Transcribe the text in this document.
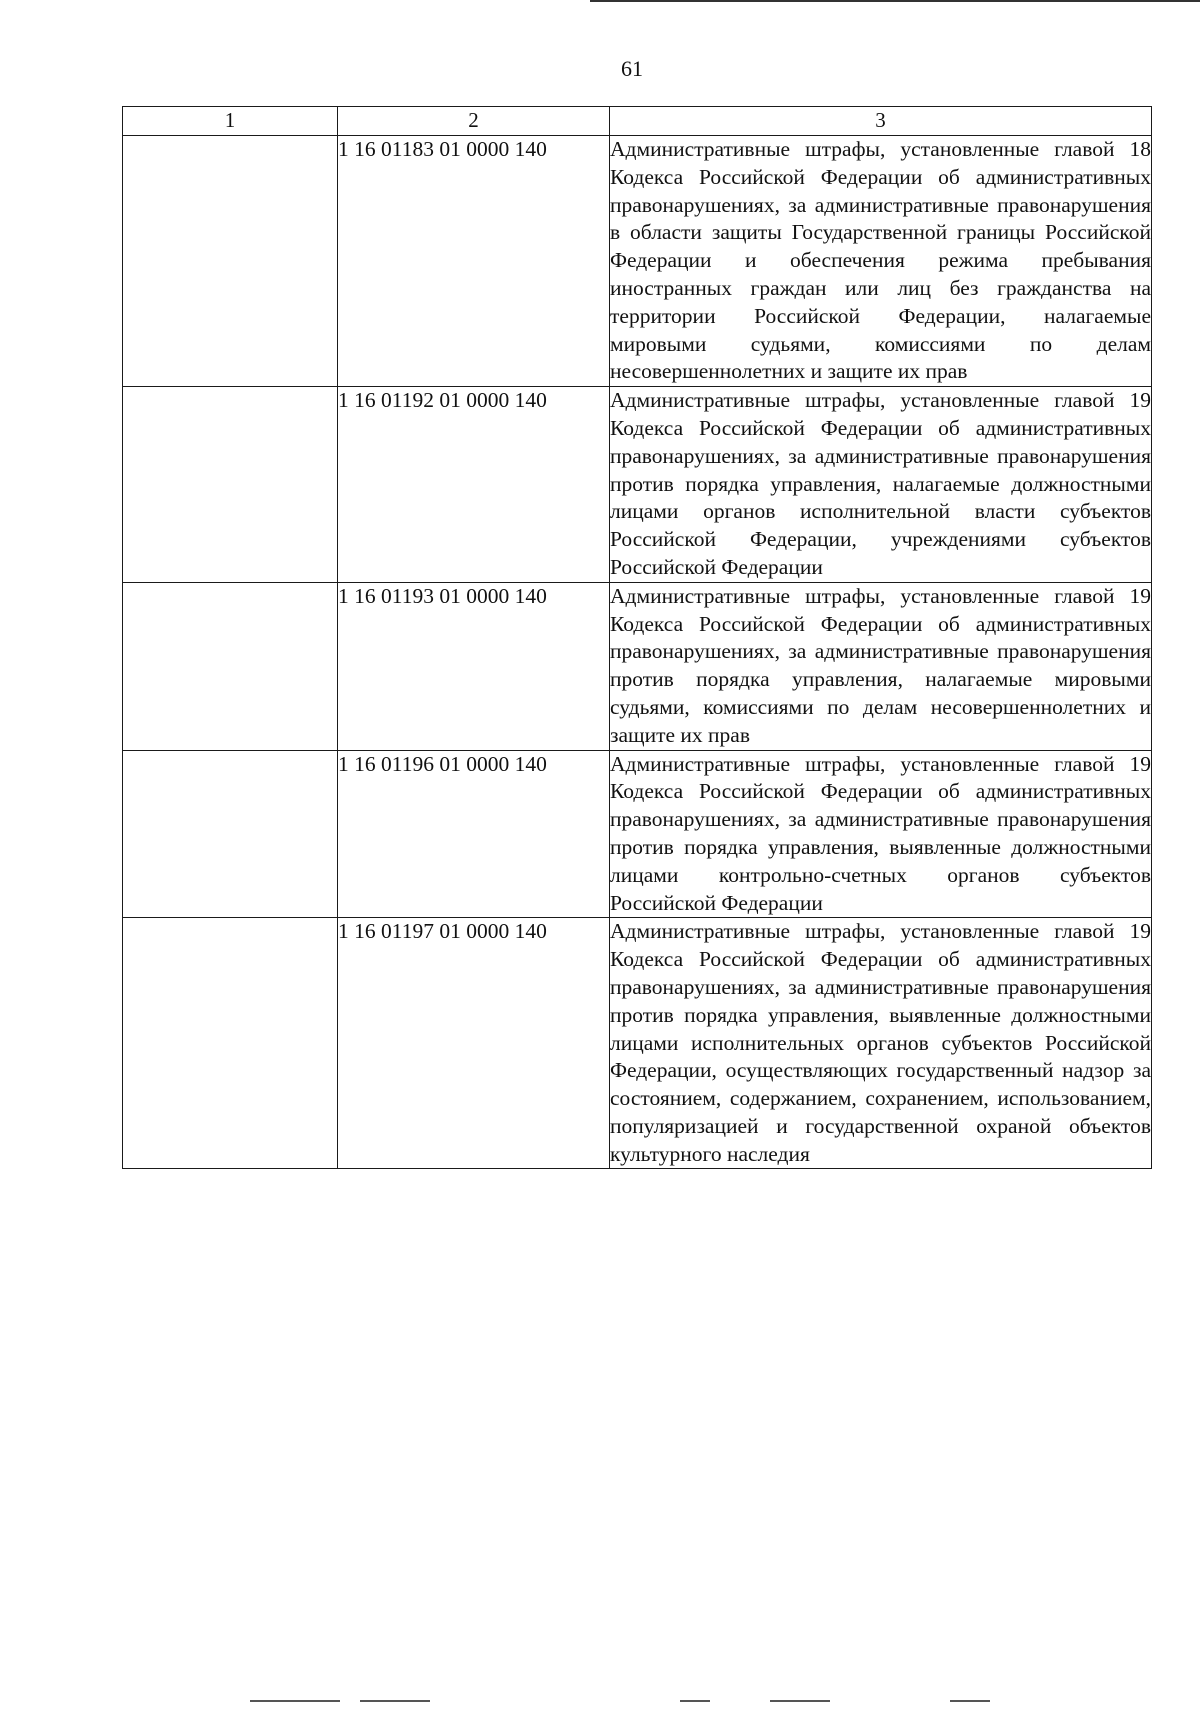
61
1	2	3
	1 16 01183 01 0000 140	Административные штрафы, установленные главой 18 Кодекса Российской Федерации об административных правонарушениях, за административные правонарушения в области защиты Государственной границы Российской Федерации и обеспечения режима пребывания иностранных граждан или лиц без гражданства на территории Российской Федерации, налагаемые мировыми судьями, комиссиями по делам несовершеннолетних и защите их прав
	1 16 01192 01 0000 140	Административные штрафы, установленные главой 19 Кодекса Российской Федерации об административных правонарушениях, за административные правонарушения против порядка управления, налагаемые должностными лицами органов исполнительной власти субъектов Российской Федерации, учреждениями субъектов Российской Федерации
	1 16 01193 01 0000 140	Административные штрафы, установленные главой 19 Кодекса Российской Федерации об административных правонарушениях, за административные правонарушения против порядка управления, налагаемые мировыми судьями, комиссиями по делам несовершеннолетних и защите их прав
	1 16 01196 01 0000 140	Административные штрафы, установленные главой 19 Кодекса Российской Федерации об административных правонарушениях, за административные правонарушения против порядка управления, выявленные должностными лицами контрольно-счетных органов субъектов Российской Федерации
	1 16 01197 01 0000 140	Административные штрафы, установленные главой 19 Кодекса Российской Федерации об административных правонарушениях, за административные правонарушения против порядка управления, выявленные должностными лицами исполнительных органов субъектов Российской Федерации, осуществляющих государственный надзор за состоянием, содержанием, сохранением, использованием, популяризацией и государственной охраной объектов культурного наследия
